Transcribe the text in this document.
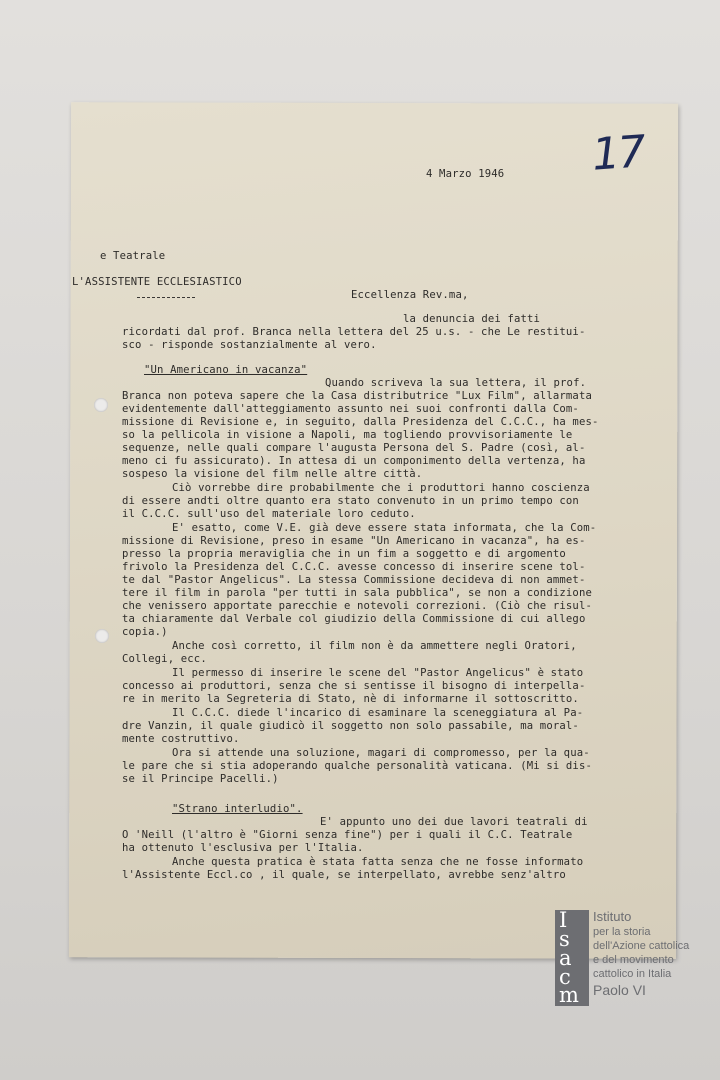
17
4 Marzo 1946
e Teatrale
L'ASSISTENTE ECCLESIASTICO
Eccellenza Rev.ma,
la denuncia dei fatti
ricordati dal prof. Branca nella lettera del 25 u.s. - che Le restitui-
sco - risponde sostanzialmente al vero.
"Un Americano in vacanza"
Quando scriveva la sua lettera, il prof.
Branca non poteva sapere che la Casa distributrice "Lux Film", allarmata
evidentemente dall'atteggiamento assunto nei suoi confronti dalla Com-
missione di Revisione e, in seguito, dalla Presidenza del C.C.C., ha mes-
so la pellicola in visione a Napoli, ma togliendo provvisoriamente le
sequenze, nelle quali compare l'augusta Persona del S. Padre (così, al-
meno ci fu assicurato). In attesa di un componimento della vertenza, ha
sospeso la visione del film nelle altre città.
Ciò vorrebbe dire probabilmente che i produttori hanno coscienza
di essere andti oltre quanto era stato convenuto in un primo tempo con
il C.C.C. sull'uso del materiale loro ceduto.
E' esatto, come V.E. già deve essere stata informata, che la Com-
missione di Revisione, preso in esame "Un Americano in vacanza", ha es-
presso la propria meraviglia che in un fim a soggetto e di argomento
frivolo la Presidenza del C.C.C. avesse concesso di inserire scene tol-
te dal "Pastor Angelicus". La stessa Commissione decideva di non ammet-
tere il film in parola "per tutti in sala pubblica", se non a condizione
che venissero apportate parecchie e notevoli correzioni. (Ciò che risul-
ta chiaramente dal Verbale col giudizio della Commissione di cui allego
copia.)
Anche così corretto, il film non è da ammettere negli Oratori,
Collegi, ecc.
Il permesso di inserire le scene del "Pastor Angelicus" è stato
concesso ai produttori, senza che si sentisse il bisogno di interpella-
re in merito la Segreteria di Stato, nè di informarne il sottoscritto.
Il C.C.C. diede l'incarico di esaminare la sceneggiatura al Pa-
dre Vanzin, il quale giudicò il soggetto non solo passabile, ma moral-
mente costruttivo.
Ora si attende una soluzione, magari di compromesso, per la qua-
le pare che si stia adoperando qualche personalità vaticana. (Mi si dis-
se il Principe Pacelli.)
"Strano interludio".
E' appunto uno dei due lavori teatrali di
O 'Neill (l'altro è "Giorni senza fine") per i quali il C.C. Teatrale
ha ottenuto l'esclusiva per l'Italia.
Anche questa pratica è stata fatta senza che ne fosse informato
l'Assistente Eccl.co , il quale, se interpellato, avrebbe senz'altro
I
s
a
c
m
Istituto
per la storia
dell'Azione cattolica
e del movimento
cattolico in Italia
Paolo VI
